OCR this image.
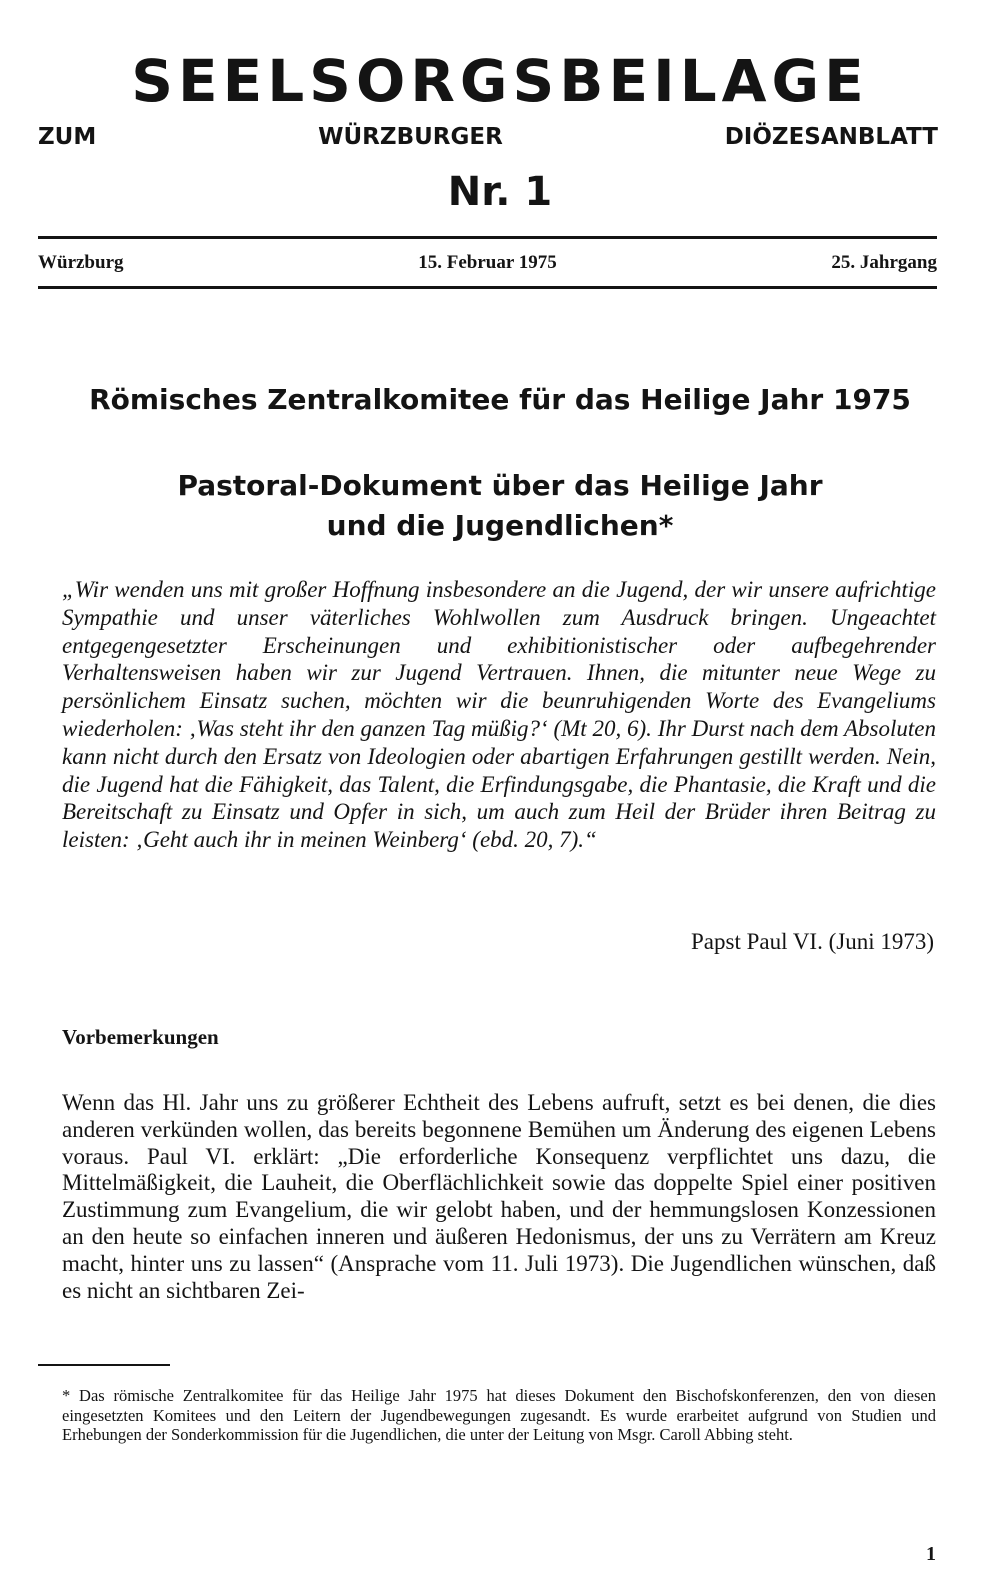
SEELSORGSBEILAGE
ZUM	WÜRZBURGER	DIÖZESANBLATT
Nr. 1
15. Februar 1975
Würzburg	25. Jahrgang
Römisches Zentralkomitee für das Heilige Jahr 1975
Pastoral-Dokument über das Heilige Jahr
und die Jugendlichen*

„Wir wenden uns mit großer Hoffnung insbesondere an die Jugend, der wir unsere aufrichtige Sympathie und unser väterliches Wohlwollen zum Ausdruck bringen. Ungeachtet entgegengesetzter Erscheinungen und exhibitionistischer oder aufbegehrender Verhaltensweisen haben wir zur Jugend Vertrauen. Ihnen, die mitunter neue Wege zu persönlichem Einsatz suchen, möchten wir die beunruhigenden Worte des Evangeliums wiederholen: ‚Was steht ihr den ganzen Tag müßig?‘ (Mt 20, 6). Ihr Durst nach dem Absoluten kann nicht durch den Ersatz von Ideologien oder abartigen Erfahrungen gestillt werden. Nein, die Jugend hat die Fähigkeit, das Talent, die Erfindungsgabe, die Phantasie, die Kraft und die Bereitschaft zu Einsatz und Opfer in sich, um auch zum Heil der Brüder ihren Beitrag zu leisten: ‚Geht auch ihr in meinen Weinberg‘ (ebd. 20, 7).“

Papst Paul VI. (Juni 1973)
Vorbemerkungen

Wenn das Hl. Jahr uns zu größerer Echtheit des Lebens aufruft, setzt es bei denen, die dies anderen verkünden wollen, das bereits begonnene Bemühen um Änderung des eigenen Lebens voraus. Paul VI. erklärt: „Die erforderliche Konsequenz verpflichtet uns dazu, die Mittelmäßigkeit, die Lauheit, die Oberflächlichkeit sowie das doppelte Spiel einer positiven Zustimmung zum Evangelium, die wir gelobt haben, und der hemmungslosen Konzessionen an den heute so einfachen inneren und äußeren Hedonismus, der uns zu Verrätern am Kreuz macht, hinter uns zu lassen“ (Ansprache vom 11. Juli 1973). Die Jugendlichen wünschen, daß es nicht an sichtbaren Zei-

* Das römische Zentralkomitee für das Heilige Jahr 1975 hat dieses Dokument den Bischofskonferenzen, den von diesen eingesetzten Komitees und den Leitern der Jugendbewegungen zugesandt. Es wurde erarbeitet aufgrund von Studien und Erhebungen der Sonderkommission für die Jugendlichen, die unter der Leitung von Msgr. Caroll Abbing steht.

1
